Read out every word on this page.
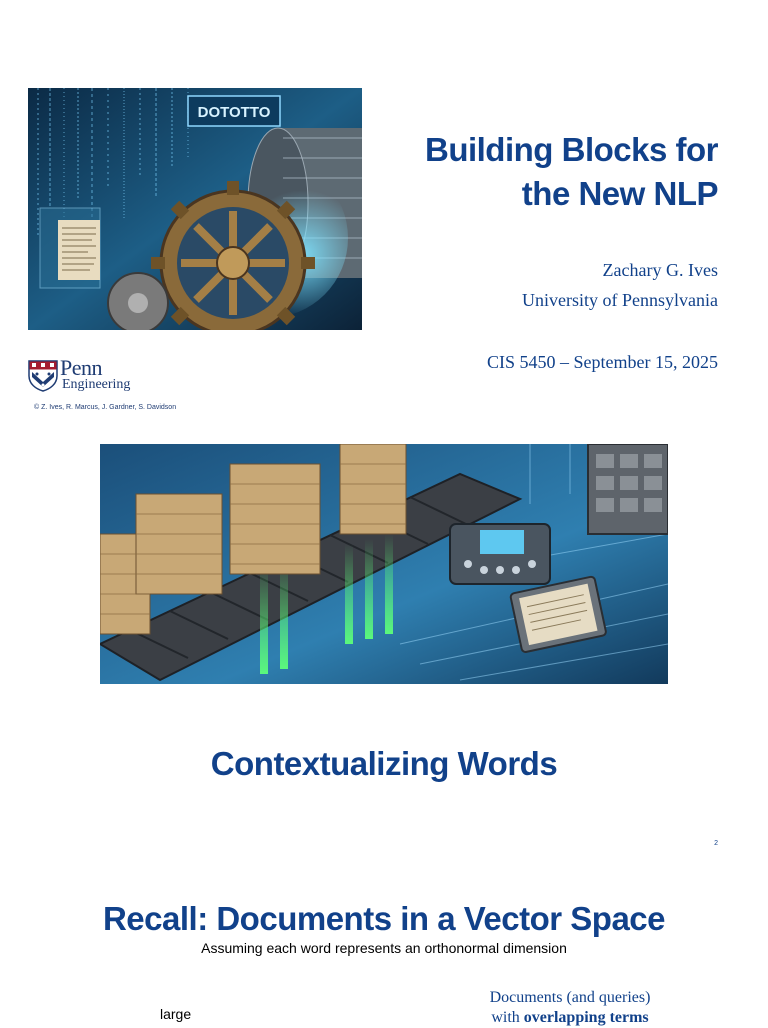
DOTOTTO
Building Blocks for
the New NLP
Zachary G. Ives
University of Pennsylvania
CIS 5450 – September 15, 2025
Penn
Engineering
© Z. Ives, R. Marcus, J. Gardner, S. Davidson
Contextualizing Words
2
Recall: Documents in a Vector Space
Assuming each word represents an orthonormal dimension
large
Documents (and queries)
with overlapping terms
